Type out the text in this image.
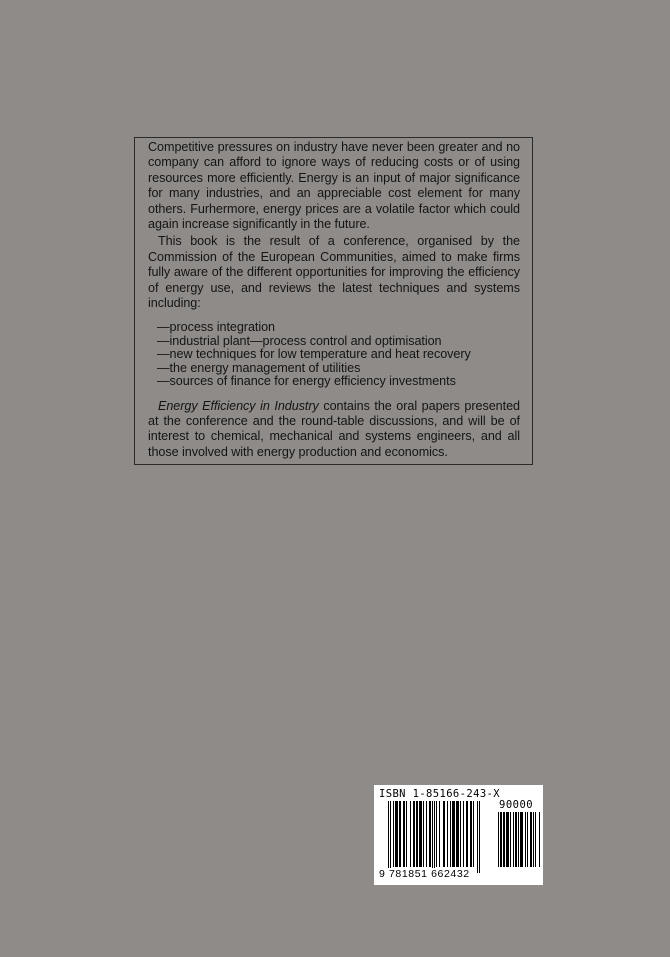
Competitive pressures on industry have never been greater and no company can afford to ignore ways of reducing costs or of using resources more efficiently. Energy is an input of major significance for many industries, and an appreciable cost element for many others. Furhermore, energy prices are a volatile factor which could again increase significantly in the future.

This book is the result of a conference, organised by the Commission of the European Communities, aimed to make firms fully aware of the different opportunities for improving the efficiency of energy use, and reviews the latest techniques and systems including:

—process integration
—industrial plant—process control and optimisation
—new techniques for low temperature and heat recovery
—the energy management of utilities
—sources of finance for energy efficiency investments

Energy Efficiency in Industry contains the oral papers presented at the conference and the round-table discussions, and will be of interest to chemical, mechanical and systems engineers, and all those involved with energy production and economics.

ISBN 1-85166-243-X
90000
9 781851 662432
